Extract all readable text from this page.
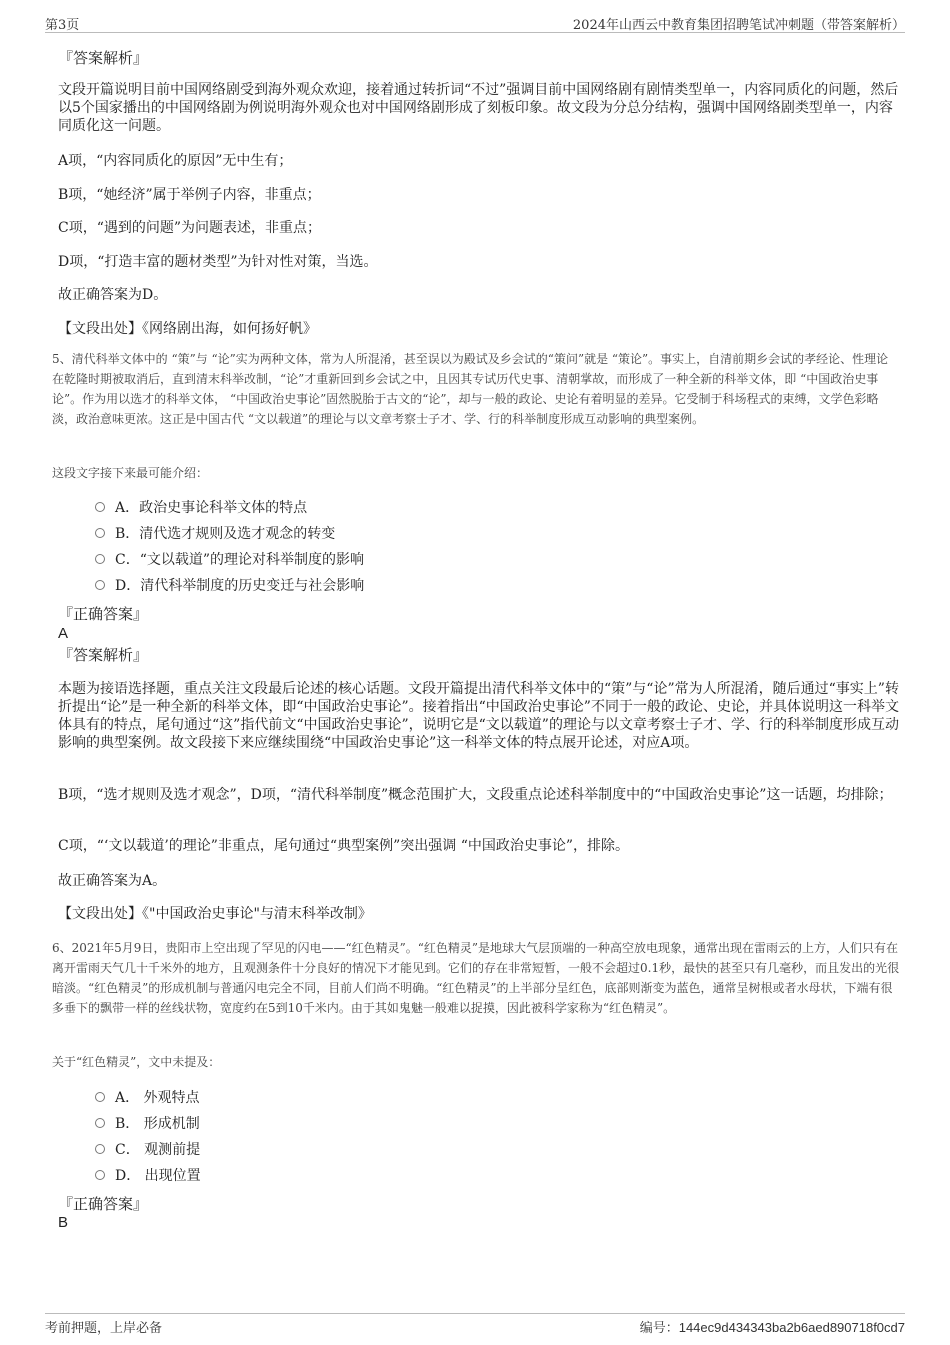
第3页	2024年山西云中教育集团招聘笔试冲刺题（带答案解析）
『答案解析』
文段开篇说明目前中国网络剧受到海外观众欢迎，接着通过转折词“不过”强调目前中国网络剧有剧情类型单一，内容同质化的问题，然后以5个国家播出的中国网络剧为例说明海外观众也对中国网络剧形成了刻板印象。故文段为分总分结构，强调中国网络剧类型单一，内容同质化这一问题。
A项，“内容同质化的原因”无中生有；
B项，“她经济”属于举例子内容，非重点；
C项，“遇到的问题”为问题表述，非重点；
D项，“打造丰富的题材类型”为针对性对策，当选。
故正确答案为D。
【文段出处】《网络剧出海，如何扬好帆》
5、清代科举文体中的 “策”与 “论”实为两种文体，常为人所混淆，甚至误以为殿试及乡会试的“策问”就是 “策论”。事实上，自清前期乡会试的孝经论、性理论在乾隆时期被取消后，直到清末科举改制，“论”才重新回到乡会试之中，且因其专试历代史事、清朝掌故，而形成了一种全新的科举文体，即 “中国政治史事论”。作为用以选才的科举文体， “中国政治史事论”固然脱胎于古文的“论”，却与一般的政论、史论有着明显的差异。它受制于科场程式的束缚，文学色彩略淡，政治意味更浓。这正是中国古代 “文以载道”的理论与以文章考察士子才、学、行的科举制度形成互动影响的典型案例。
这段文字接下来最可能介绍：
A．政治史事论科举文体的特点
B．清代选才规则及选才观念的转变
C．“文以载道”的理论对科举制度的影响
D．清代科举制度的历史变迁与社会影响
『正确答案』
A
『答案解析』
本题为接语选择题，重点关注文段最后论述的核心话题。文段开篇提出清代科举文体中的“策”与“论”常为人所混淆，随后通过“事实上”转折提出“论”是一种全新的科举文体，即“中国政治史事论”。接着指出“中国政治史事论”不同于一般的政论、史论，并具体说明这一科举文体具有的特点，尾句通过“这”指代前文“中国政治史事论”，说明它是“文以载道”的理论与以文章考察士子才、学、行的科举制度形成互动影响的典型案例。故文段接下来应继续围绕“中国政治史事论”这一科举文体的特点展开论述，对应A项。
B项，“选才规则及选才观念”，D项，“清代科举制度”概念范围扩大，文段重点论述科举制度中的“中国政治史事论”这一话题，均排除；
C项，“‘文以载道’的理论”非重点，尾句通过“典型案例”突出强调 “中国政治史事论”，排除。
故正确答案为A。
【文段出处】《"中国政治史事论"与清末科举改制》
6、2021年5月9日，贵阳市上空出现了罕见的闪电——“红色精灵”。“红色精灵”是地球大气层顶端的一种高空放电现象，通常出现在雷雨云的上方，人们只有在离开雷雨天气几十千米外的地方，且观测条件十分良好的情况下才能见到。它们的存在非常短暂，一般不会超过0.1秒，最快的甚至只有几毫秒，而且发出的光很暗淡。“红色精灵”的形成机制与普通闪电完全不同，目前人们尚不明确。“红色精灵”的上半部分呈红色，底部则渐变为蓝色，通常呈树根或者水母状，下端有很多垂下的飘带一样的丝线状物，宽度约在5到10千米内。由于其如鬼魅一般难以捉摸，因此被科学家称为“红色精灵”。
关于“红色精灵”，文中未提及：
A． 外观特点
B． 形成机制
C． 观测前提
D． 出现位置
『正确答案』
B
考前押题，上岸必备	编号：144ec9d434343ba2b6aed890718f0cd7
